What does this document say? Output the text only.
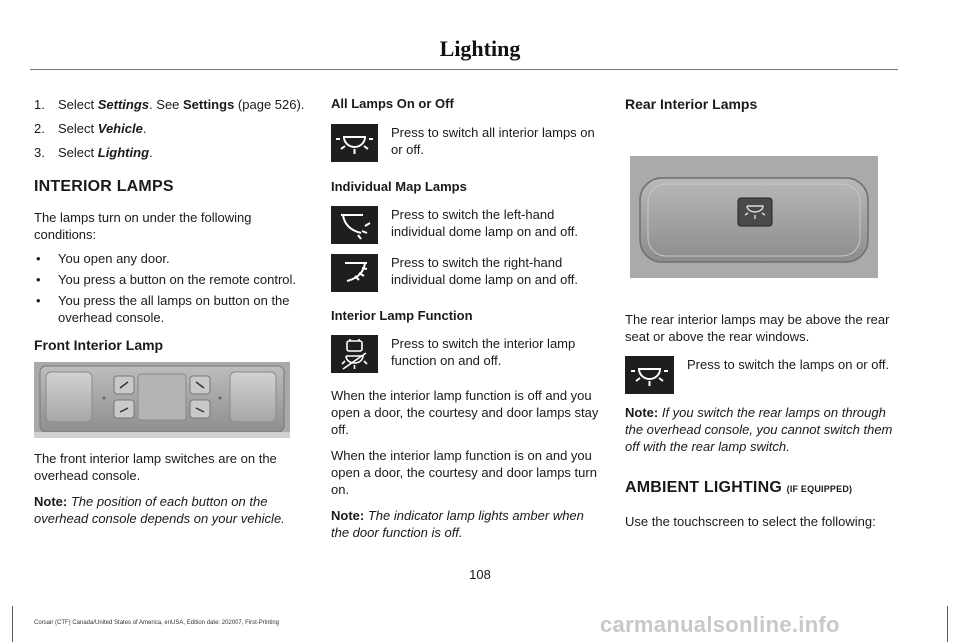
Lighting
1. Select Settings. See Settings (page 526).
2. Select Vehicle.
3. Select Lighting.
INTERIOR LAMPS

The lamps turn on under the following conditions:

• You open any door.
• You press a button on the remote control.
• You press the all lamps on button on the overhead console.
Front Interior Lamp

The front interior lamp switches are on the overhead console.

Note: The position of each button on the overhead console depends on your vehicle.

All Lamps On or Off
Press to switch all interior lamps on or off.
Individual Map Lamps
Press to switch the left-hand individual dome lamp on and off.
Press to switch the right-hand individual dome lamp on and off.
Interior Lamp Function
Press to switch the interior lamp function on and off.

When the interior lamp function is off and you open a door, the courtesy and door lamps stay off.

When the interior lamp function is on and you open a door, the courtesy and door lamps turn on.

Note: The indicator lamp lights amber when the door function is off.

Rear Interior Lamps

The rear interior lamps may be above the rear seat or above the rear windows.

Press to switch the lamps on or off.

Note: If you switch the rear lamps on through the overhead console, you cannot switch them off with the rear lamp switch.

AMBIENT LIGHTING (IF EQUIPPED)

Use the touchscreen to select the following:

108
Corsair (CTF) Canada/United States of America, enUSA, Edition date: 202007, First-Printing	carmanualsonline.info
